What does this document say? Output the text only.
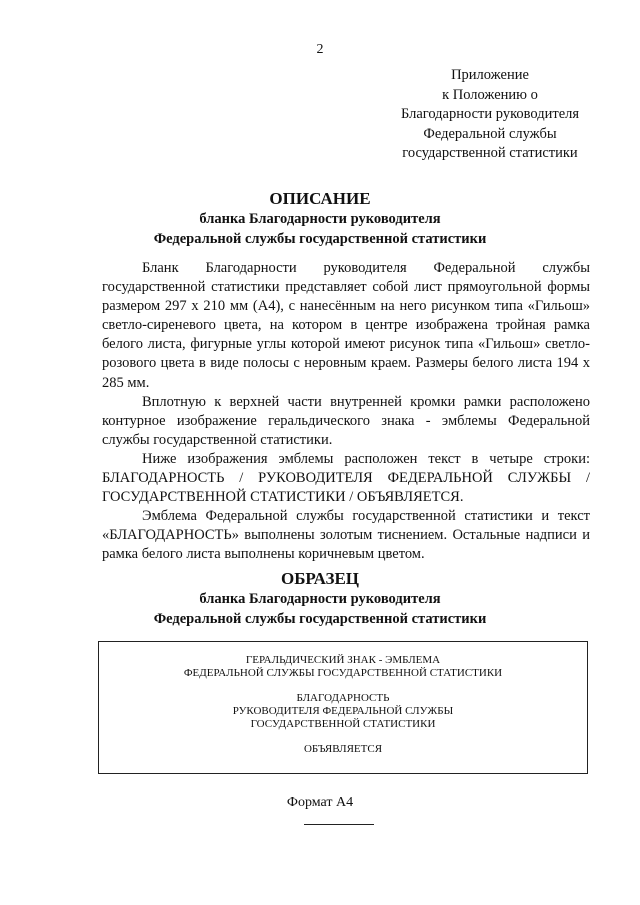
2
Приложение
к Положению о
Благодарности руководителя
Федеральной службы
государственной статистики
ОПИСАНИЕ
бланка Благодарности руководителя
Федеральной службы государственной статистики

Бланк Благодарности руководителя Федеральной службы государственной статистики представляет собой лист прямоугольной формы размером 297 х 210 мм (А4), с нанесённым на него рисунком типа «Гильош» светло-сиреневого цвета, на котором в центре изображена тройная рамка белого листа, фигурные углы которой имеют рисунок типа «Гильош» светло-розового цвета в виде полосы с неровным краем. Размеры белого листа 194 х 285 мм.

Вплотную к верхней части внутренней кромки рамки расположено контурное изображение геральдического знака - эмблемы Федеральной службы государственной статистики.

Ниже изображения эмблемы расположен текст в четыре строки: БЛАГОДАРНОСТЬ / РУКОВОДИТЕЛЯ ФЕДЕРАЛЬНОЙ СЛУЖБЫ / ГОСУДАРСТВЕННОЙ СТАТИСТИКИ / ОБЪЯВЛЯЕТСЯ.

Эмблема Федеральной службы государственной статистики и текст «БЛАГОДАРНОСТЬ» выполнены золотым тиснением. Остальные надписи и рамка белого листа выполнены коричневым цветом.

ОБРАЗЕЦ
бланка Благодарности руководителя
Федеральной службы государственной статистики
ГЕРАЛЬДИЧЕСКИЙ ЗНАК - ЭМБЛЕМА
ФЕДЕРАЛЬНОЙ СЛУЖБЫ ГОСУДАРСТВЕННОЙ СТАТИСТИКИ
БЛАГОДАРНОСТЬ
РУКОВОДИТЕЛЯ ФЕДЕРАЛЬНОЙ СЛУЖБЫ
ГОСУДАРСТВЕННОЙ СТАТИСТИКИ
ОБЪЯВЛЯЕТСЯ
Формат А4
